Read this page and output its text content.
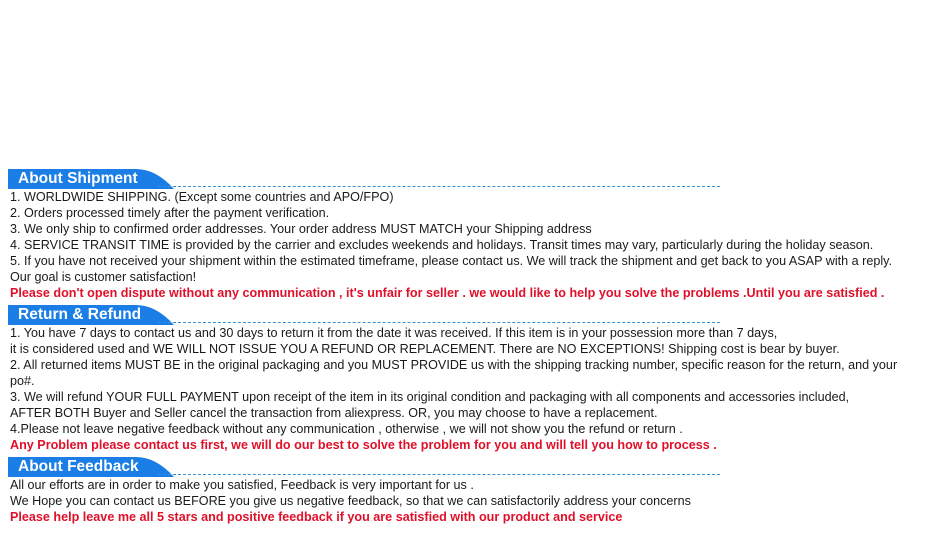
About Shipment
1. WORLDWIDE SHIPPING. (Except some countries and APO/FPO)
2. Orders processed timely after the payment verification.
3. We only ship to confirmed order addresses. Your order address MUST MATCH your Shipping address
4. SERVICE TRANSIT TIME is provided by the carrier and excludes weekends and holidays. Transit times may vary, particularly during the holiday season.
5. If you have not received your shipment within the estimated timeframe, please contact us. We will track the shipment and get back to you ASAP with a reply.
Our goal is customer satisfaction!
Please don't open dispute without any communication , it's unfair for seller . we would like to help you solve the problems .Until you are satisfied .
Return & Refund
1. You have 7 days to contact us and 30 days to return it from the date it was received. If this item is in your possession more than 7 days,
it is considered used and WE WILL NOT ISSUE YOU A REFUND OR REPLACEMENT. There are NO EXCEPTIONS! Shipping cost is bear by buyer.
2. All returned items MUST BE in the original packaging and you MUST PROVIDE us with the shipping tracking number, specific reason for the return, and your
po#.
3. We will refund YOUR FULL PAYMENT upon receipt of the item in its original condition and packaging with all components and accessories included,
AFTER BOTH Buyer and Seller cancel the transaction from aliexpress. OR, you may choose to have a replacement.
4.Please not leave negative feedback without any communication , otherwise , we will not show you the refund or return .
Any Problem please contact us first, we will do our best to solve the problem for you and will tell you how to process .
About Feedback
All our efforts are in order to make you satisfied, Feedback is very important for us .
We Hope you can contact us BEFORE you give us negative feedback, so that we can satisfactorily address your concerns
Please help leave me all 5 stars and positive feedback if you are satisfied with our product and service
